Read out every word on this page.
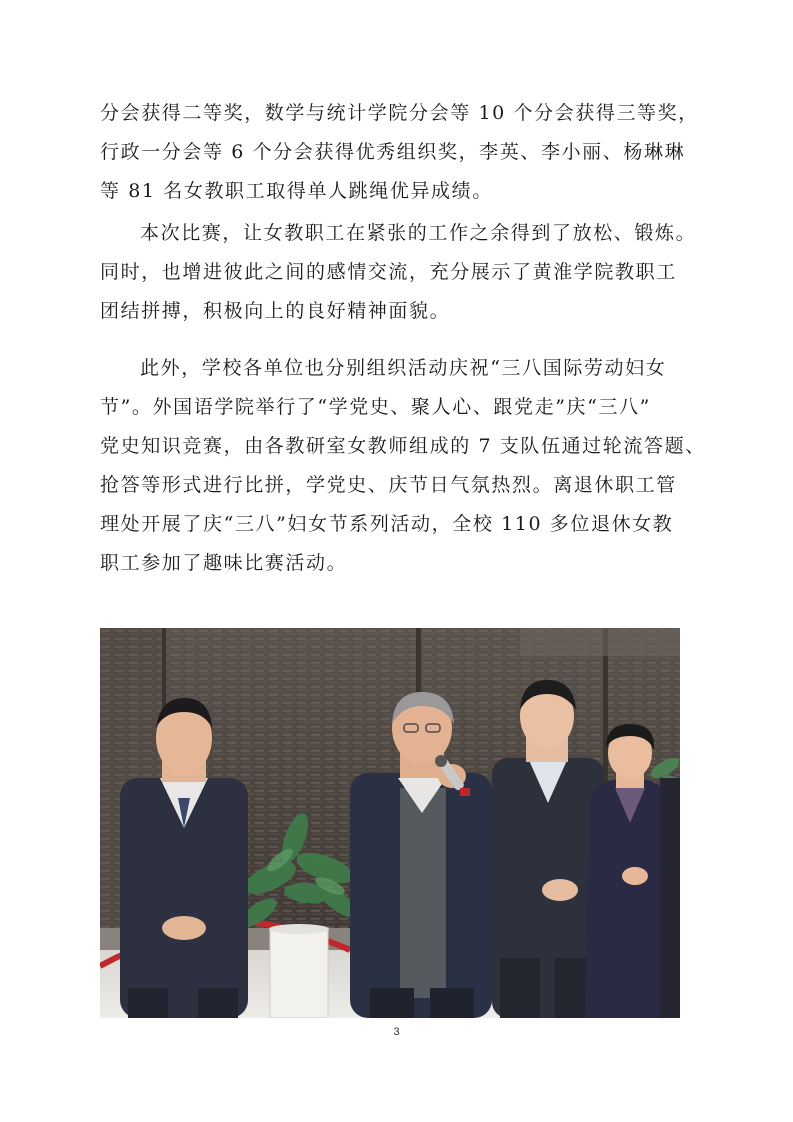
分会获得二等奖，数学与统计学院分会等 10 个分会获得三等奖，
行政一分会等 6 个分会获得优秀组织奖，李英、李小丽、杨琳琳
等 81 名女教职工取得单人跳绳优异成绩。

本次比赛，让女教职工在紧张的工作之余得到了放松、锻炼。
同时，也增进彼此之间的感情交流，充分展示了黄淮学院教职工
团结拼搏，积极向上的良好精神面貌。

此外，学校各单位也分别组织活动庆祝“三八国际劳动妇女
节”。外国语学院举行了“学党史、聚人心、跟党走”庆“三八”
党史知识竞赛，由各教研室女教师组成的 7 支队伍通过轮流答题、
抢答等形式进行比拼，学党史、庆节日气氛热烈。离退休职工管
理处开展了庆“三八”妇女节系列活动，全校 110 多位退休女教
职工参加了趣味比赛活动。

3
